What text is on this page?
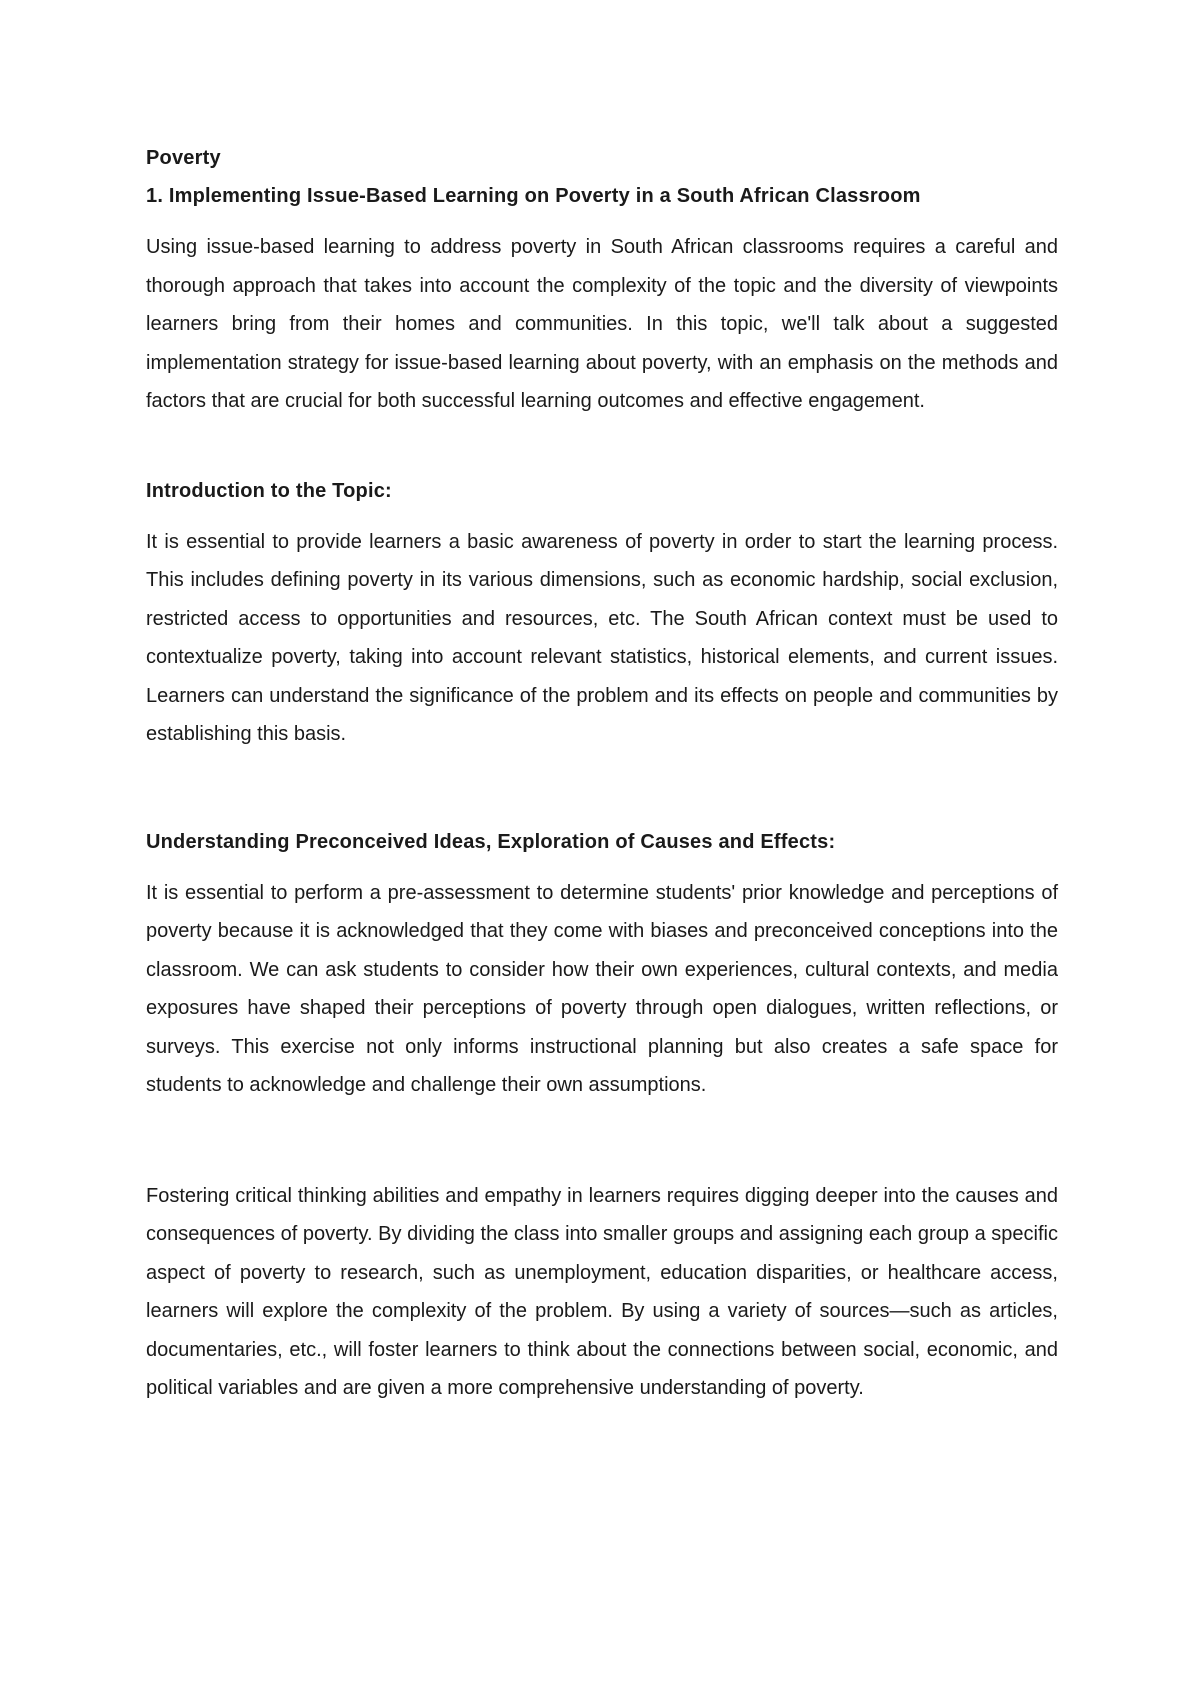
Poverty
1. Implementing Issue-Based Learning on Poverty in a South African Classroom

Using issue-based learning to address poverty in South African classrooms requires a careful and thorough approach that takes into account the complexity of the topic and the diversity of viewpoints learners bring from their homes and communities. In this topic, we'll talk about a suggested implementation strategy for issue-based learning about poverty, with an emphasis on the methods and factors that are crucial for both successful learning outcomes and effective engagement.

Introduction to the Topic:

It is essential to provide learners a basic awareness of poverty in order to start the learning process. This includes defining poverty in its various dimensions, such as economic hardship, social exclusion, restricted access to opportunities and resources, etc. The South African context must be used to contextualize poverty, taking into account relevant statistics, historical elements, and current issues. Learners can understand the significance of the problem and its effects on people and communities by establishing this basis.

Understanding Preconceived Ideas, Exploration of Causes and Effects:

It is essential to perform a pre-assessment to determine students' prior knowledge and perceptions of poverty because it is acknowledged that they come with biases and preconceived conceptions into the classroom. We can ask students to consider how their own experiences, cultural contexts, and media exposures have shaped their perceptions of poverty through open dialogues, written reflections, or surveys. This exercise not only informs instructional planning but also creates a safe space for students to acknowledge and challenge their own assumptions.

Fostering critical thinking abilities and empathy in learners requires digging deeper into the causes and consequences of poverty. By dividing the class into smaller groups and assigning each group a specific aspect of poverty to research, such as unemployment, education disparities, or healthcare access, learners will explore the complexity of the problem. By using a variety of sources—such as articles, documentaries, etc., will foster learners to think about the connections between social, economic, and political variables and are given a more comprehensive understanding of poverty.
